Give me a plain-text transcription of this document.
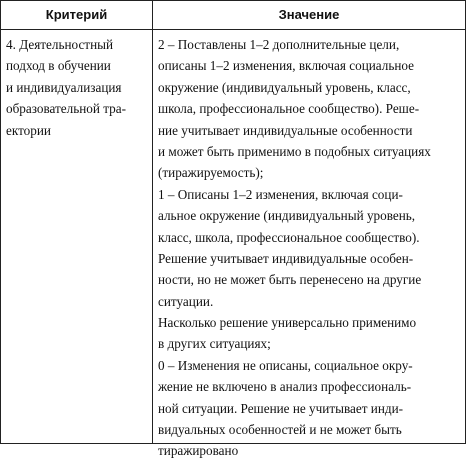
Критерий	Значение
4. Деятельностный
подход в обучении
и индивидуализация
образовательной тра-
ектории
2 – Поставлены 1–2 дополнительные цели,
описаны 1–2 изменения, включая социальное
окружение (индивидуальный уровень, класс,
школа, профессиональное сообщество). Реше-
ние учитывает индивидуальные особенности
и может быть применимо в подобных ситуациях
(тиражируемость);
1 – Описаны 1–2 изменения, включая соци-
альное окружение (индивидуальный уровень,
класс, школа, профессиональное сообщество).
Решение учитывает индивидуальные особен-
ности, но не может быть перенесено на другие
ситуации.
Насколько решение универсально применимо
в других ситуациях;
0 – Изменения не описаны, социальное окру-
жение не включено в анализ профессиональ-
ной ситуации. Решение не учитывает инди-
видуальных особенностей и не может быть
тиражировано
